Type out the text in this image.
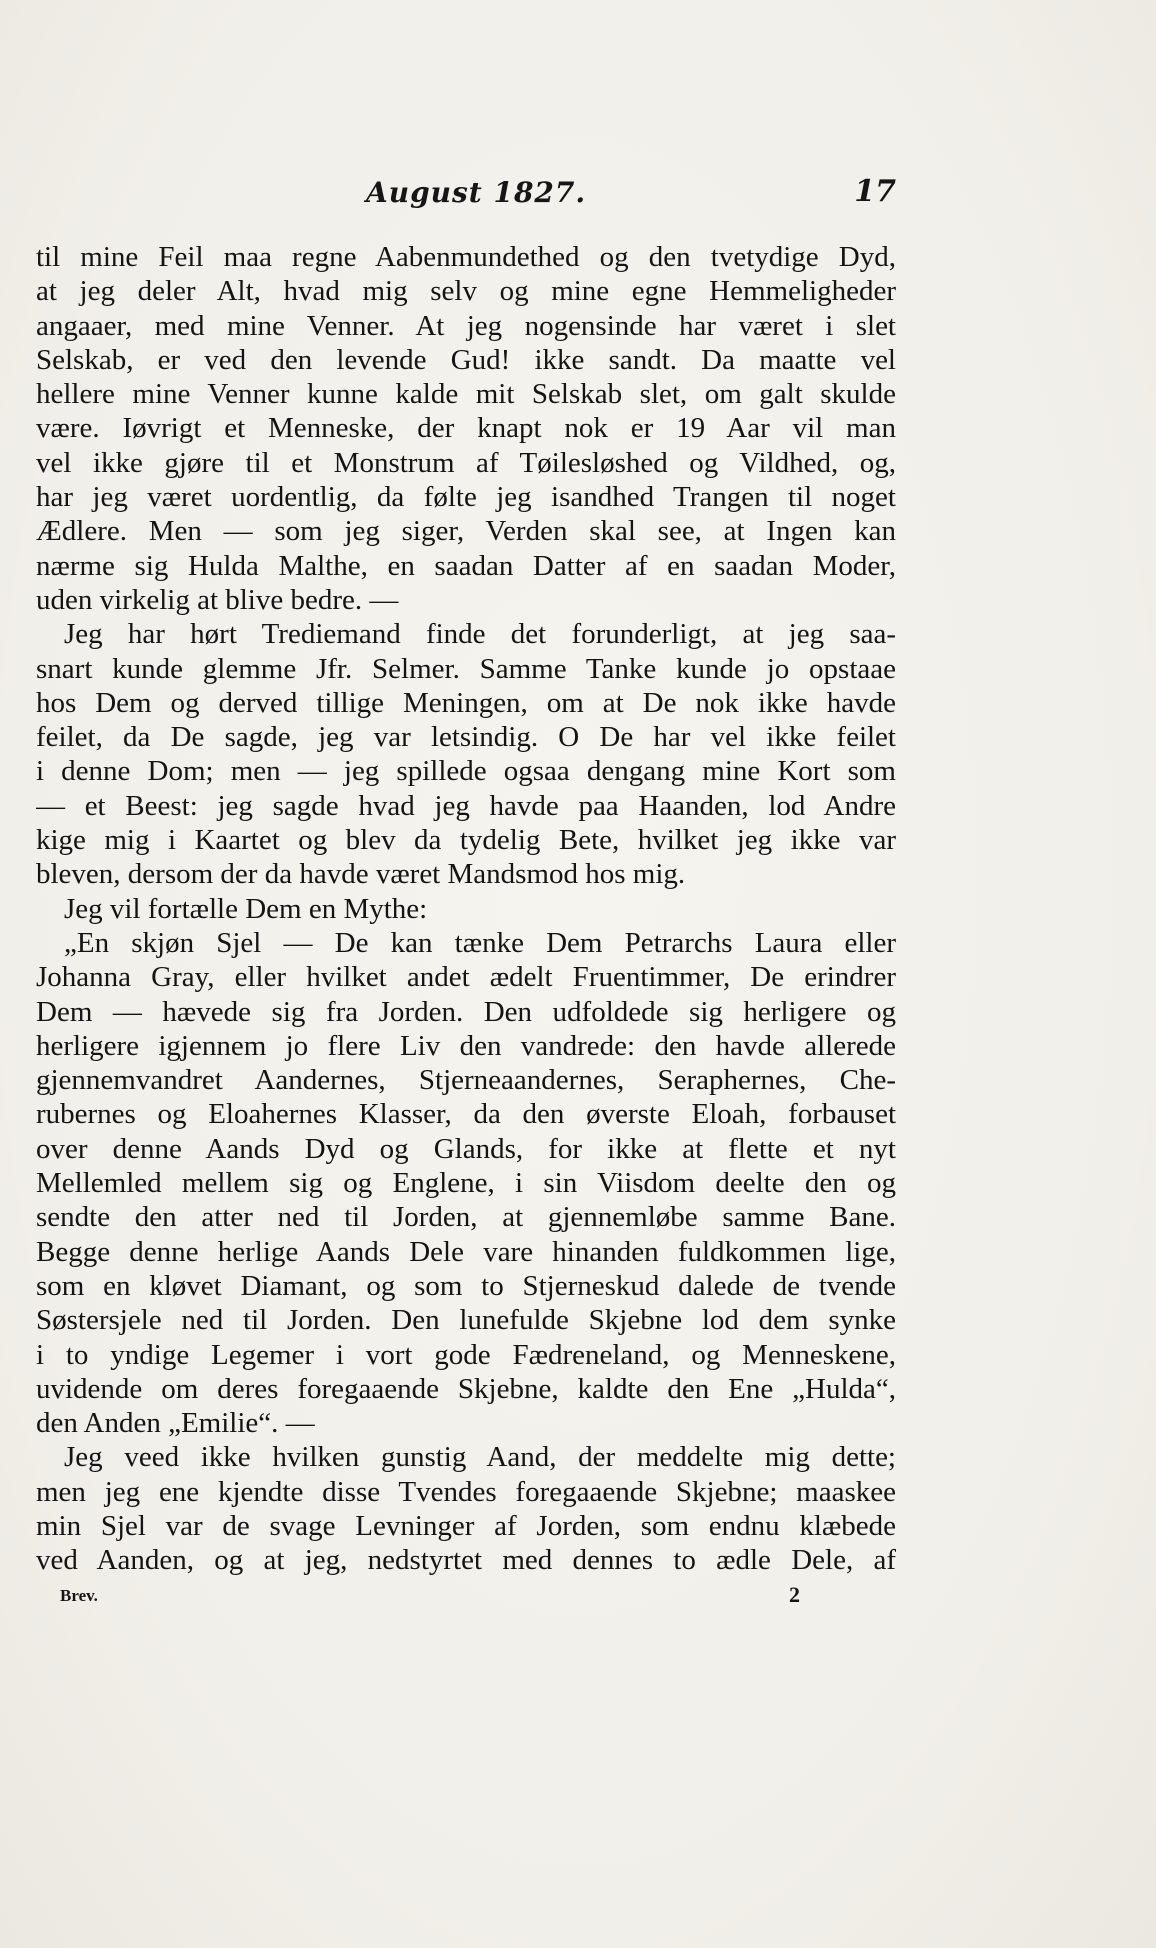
August 1827.	17
til mine Feil maa regne Aabenmundethed og den tvetydige Dyd,
at jeg deler Alt, hvad mig selv og mine egne Hemmeligheder
angaaer, med mine Venner. At jeg nogensinde har været i slet
Selskab, er ved den levende Gud! ikke sandt. Da maatte vel
hellere mine Venner kunne kalde mit Selskab slet, om galt skulde
være. Iøvrigt et Menneske, der knapt nok er 19 Aar vil man
vel ikke gjøre til et Monstrum af Tøilesløshed og Vildhed, og,
har jeg været uordentlig, da følte jeg isandhed Trangen til noget
Ædlere. Men — som jeg siger, Verden skal see, at Ingen kan
nærme sig Hulda Malthe, en saadan Datter af en saadan Moder,
uden virkelig at blive bedre. —
Jeg har hørt Trediemand finde det forunderligt, at jeg saa-
snart kunde glemme Jfr. Selmer. Samme Tanke kunde jo opstaae
hos Dem og derved tillige Meningen, om at De nok ikke havde
feilet, da De sagde, jeg var letsindig. O De har vel ikke feilet
i denne Dom; men — jeg spillede ogsaa dengang mine Kort som
— et Beest: jeg sagde hvad jeg havde paa Haanden, lod Andre
kige mig i Kaartet og blev da tydelig Bete, hvilket jeg ikke var
bleven, dersom der da havde været Mandsmod hos mig.
Jeg vil fortælle Dem en Mythe:
„En skjøn Sjel — De kan tænke Dem Petrarchs Laura eller
Johanna Gray, eller hvilket andet ædelt Fruentimmer, De erindrer
Dem — hævede sig fra Jorden. Den udfoldede sig herligere og
herligere igjennem jo flere Liv den vandrede: den havde allerede
gjennemvandret Aandernes, Stjerneaandernes, Seraphernes, Che-
rubernes og Eloahernes Klasser, da den øverste Eloah, forbauset
over denne Aands Dyd og Glands, for ikke at flette et nyt
Mellemled mellem sig og Englene, i sin Viisdom deelte den og
sendte den atter ned til Jorden, at gjennemløbe samme Bane.
Begge denne herlige Aands Dele vare hinanden fuldkommen lige,
som en kløvet Diamant, og som to Stjerneskud dalede de tvende
Søstersjele ned til Jorden. Den lunefulde Skjebne lod dem synke
i to yndige Legemer i vort gode Fædreneland, og Menneskene,
uvidende om deres foregaaende Skjebne, kaldte den Ene „Hulda“,
den Anden „Emilie“. —
Jeg veed ikke hvilken gunstig Aand, der meddelte mig dette;
men jeg ene kjendte disse Tvendes foregaaende Skjebne; maaskee
min Sjel var de svage Levninger af Jorden, som endnu klæbede
ved Aanden, og at jeg, nedstyrtet med dennes to ædle Dele, af
Brev.	2
